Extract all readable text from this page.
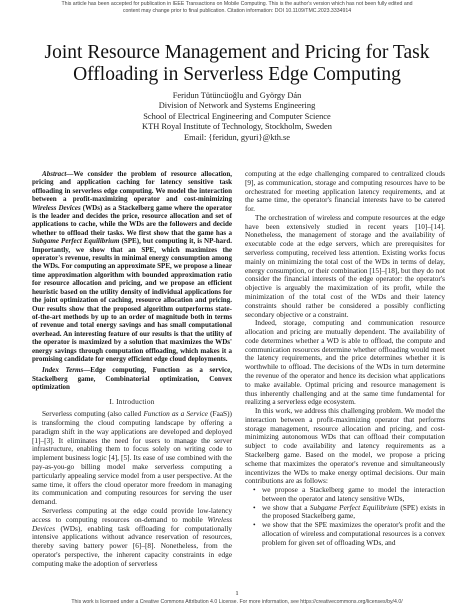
This article has been accepted for publication in IEEE Transactions on Mobile Computing. This is the author's version which has not been fully edited and
content may change prior to final publication. Citation information: DOI 10.1109/TMC.2023.3334914
Joint Resource Management and Pricing for Task
Offloading in Serverless Edge Computing
Feridun Tütüncüoğlu and György Dán
Division of Network and Systems Engineering
School of Electrical Engineering and Computer Science
KTH Royal Institute of Technology, Stockholm, Sweden
Email: {feridun, gyuri}@kth.se

Abstract—We consider the problem of resource allocation, pricing and application caching for latency sensitive task offloading in serverless edge computing. We model the interaction between a profit-maximizing operator and cost-minimizing Wireless Devices (WDs) as a Stackelberg game where the operator is the leader and decides the price, resource allocation and set of applications to cache, while the WDs are the followers and decide whether to offload their tasks. We first show that the game has a Subgame Perfect Equilibrium (SPE), but computing it, is NP-hard. Importantly, we show that an SPE, which maximizes the operator's revenue, results in minimal energy consumption among the WDs. For computing an approximate SPE, we propose a linear time approximation algorithm with bounded approximation ratio for resource allocation and pricing, and we propose an efficient heuristic based on the utility density of individual applications for the joint optimization of caching, resource allocation and pricing. Our results show that the proposed algorithm outperforms state-of-the-art methods by up to an order of magnitude both in terms of revenue and total energy savings and has small computational overhead. An interesting feature of our results is that the utility of the operator is maximized by a solution that maximizes the WDs' energy savings through computation offloading, which makes it a promising candidate for energy efficient edge cloud deployments.

Index Terms—Edge computing, Function as a service, Stackelberg game, Combinatorial optimization, Convex optimization

I. Introduction

Serverless computing (also called Function as a Service (FaaS)) is transforming the cloud computing landscape by offering a paradigm shift in the way applications are developed and deployed [1]–[3]. It eliminates the need for users to manage the server infrastructure, enabling them to focus solely on writing code to implement business logic [4], [5]. Its ease of use combined with the pay-as-you-go billing model make serverless computing a particularly appealing service model from a user perspective. At the same time, it offers the cloud operator more freedom in managing its communication and computing resources for serving the user demand.

Serverless computing at the edge could provide low-latency access to computing resources on-demand to mobile Wireless Devices (WDs), enabling task offloading for computationally intensive applications without advance reservation of resources, thereby saving battery power [6]–[8]. Nonetheless, from the operator's perspective, the inherent capacity constraints in edge computing make the adoption of serverless

computing at the edge challenging compared to centralized clouds [9], as communication, storage and computing resources have to be orchestrated for meeting application latency requirements, and at the same time, the operator's financial interests have to be catered for.

The orchestration of wireless and compute resources at the edge have been extensively studied in recent years [10]–[14]. Nonetheless, the management of storage and the availability of executable code at the edge servers, which are prerequisites for serverless computing, received less attention. Existing works focus mainly on minimizing the total cost of the WDs in terms of delay, energy consumption, or their combination [15]–[18], but they do not consider the financial interests of the edge operator: the operator's objective is arguably the maximization of its profit, while the minimization of the total cost of the WDs and their latency constraints should rather be considered a possibly conflicting secondary objective or a constraint.

Indeed, storage, computing and communication resource allocation and pricing are mutually dependent. The availability of code determines whether a WD is able to offload, the compute and communication resources determine whether offloading would meet the latency requirements, and the price determines whether it is worthwhile to offload. The decisions of the WDs in turn determine the revenue of the operator and hence its decision what applications to make available. Optimal pricing and resource management is thus inherently challenging and at the same time fundamental for realizing a serverless edge ecosystem.

In this work, we address this challenging problem. We model the interaction between a profit-maximizing operator that performs storage management, resource allocation and pricing, and cost-minimizing autonomous WDs that can offload their computation subject to code availability and latency requirements as a Stackelberg game. Based on the model, we propose a pricing scheme that maximizes the operator's revenue and simultaneously incentivizes the WDs to make energy optimal decisions. Our main contributions are as follows:

• we propose a Stackelberg game to model the interaction between the operator and latency sensitive WDs,
• we show that a Subgame Perfect Equilibrium (SPE) exists in the proposed Stackelberg game,
• we show that the SPE maximizes the operator's profit and the allocation of wireless and computational resources is a convex problem for given set of offloading WDs, and
1
This work is licensed under a Creative Commons Attribution 4.0 License. For more information, see https://creativecommons.org/licenses/by/4.0/
